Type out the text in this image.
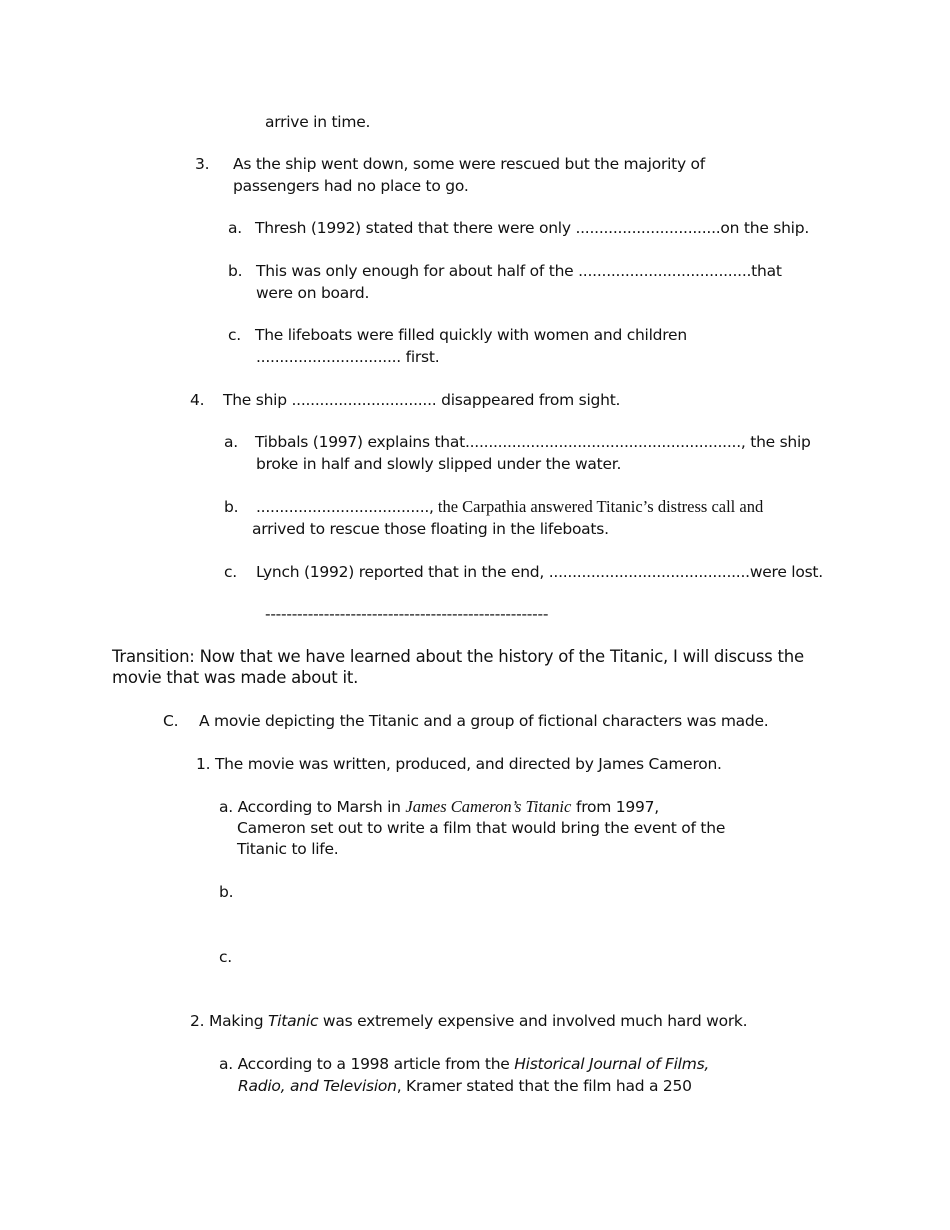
arrive in time.
3. As the ship went down, some were rescued but the majority of
passengers had no place to go.
a. Thresh (1992) stated that there were only ...............................on the ship.
b. This was only enough for about half of the .....................................that
were on board.
c. The lifeboats were filled quickly with women and children
............................... first.
4. The ship ............................... disappeared from sight.
a. Tibbals (1997) explains that..........................................................., the ship
broke in half and slowly slipped under the water.
b. ....................................., the Carpathia answered Titanic’s distress call and
arrived to rescue those floating in the lifeboats.
c. Lynch (1992) reported that in the end, ...........................................were lost.
-----------------------------------------------------
Transition: Now that we have learned about the history of the Titanic, I will discuss the
movie that was made about it.
C. A movie depicting the Titanic and a group of fictional characters was made.
1. The movie was written, produced, and directed by James Cameron.
a. According to Marsh in James Cameron’s Titanic from 1997,
Cameron set out to write a film that would bring the event of the
Titanic to life.
b.
c.
2. Making Titanic was extremely expensive and involved much hard work.
a. According to a 1998 article from the Historical Journal of Films,
Radio, and Television, Kramer stated that the film had a 250
